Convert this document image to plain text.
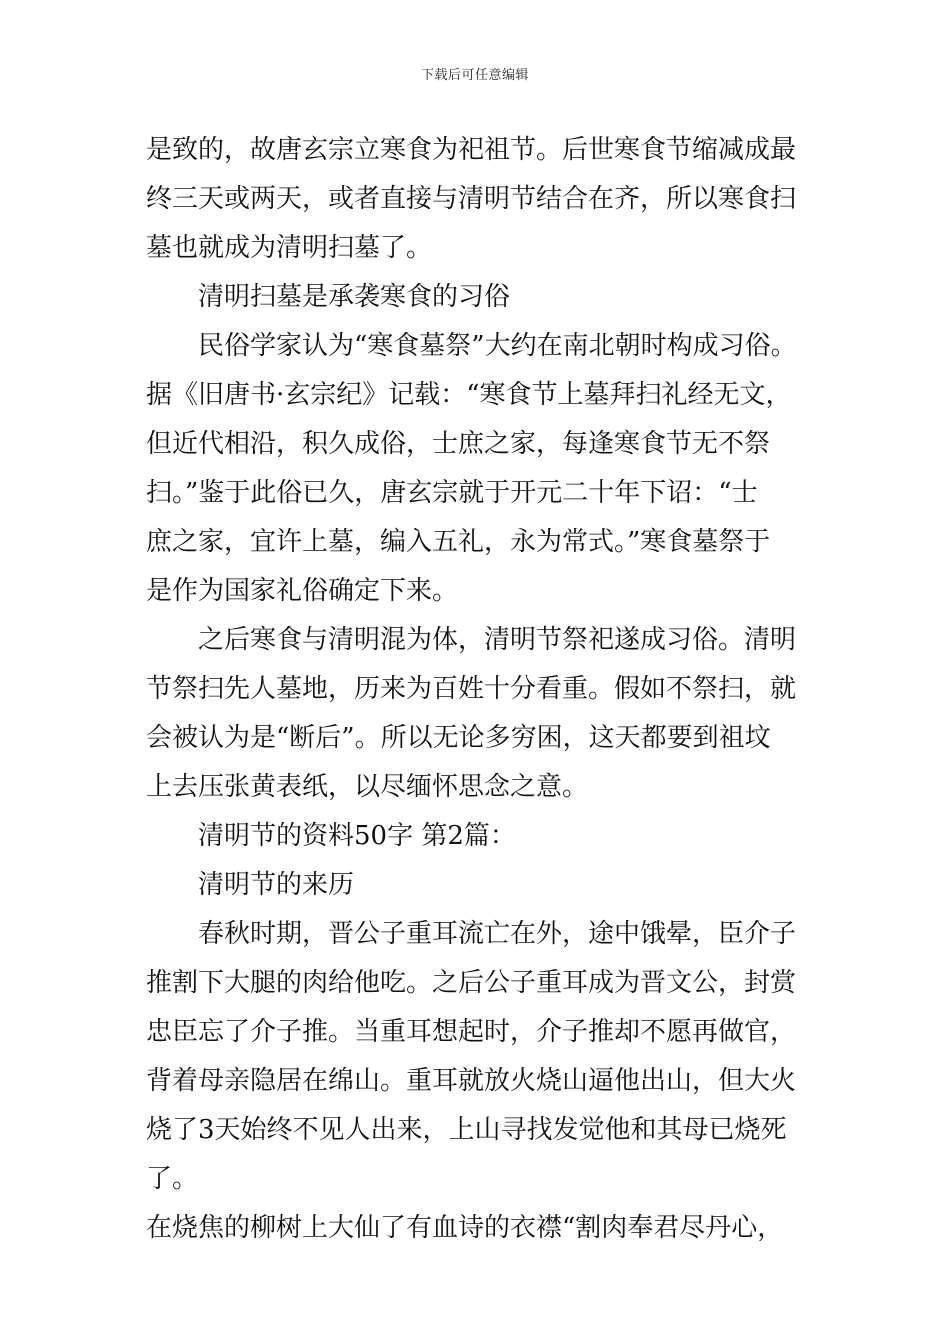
下载后可任意编辑

是致的，故唐玄宗立寒食为祀祖节。后世寒食节缩减成最

终三天或两天，或者直接与清明节结合在齐，所以寒食扫

墓也就成为清明扫墓了。

清明扫墓是承袭寒食的习俗

民俗学家认为“寒食墓祭”大约在南北朝时构成习俗。

据《旧唐书·玄宗纪》记载：“寒食节上墓拜扫礼经无文，

但近代相沿，积久成俗，士庶之家，每逢寒食节无不祭

扫。”鉴于此俗已久，唐玄宗就于开元二十年下诏：“士

庶之家，宜许上墓，编入五礼，永为常式。”寒食墓祭于

是作为国家礼俗确定下来。

之后寒食与清明混为体，清明节祭祀遂成习俗。清明

节祭扫先人墓地，历来为百姓十分看重。假如不祭扫，就

会被认为是“断后”。所以无论多穷困，这天都要到祖坟

上去压张黄表纸，以尽缅怀思念之意。

清明节的资料50字 第2篇：

清明节的来历

春秋时期，晋公子重耳流亡在外，途中饿晕，臣介子

推割下大腿的肉给他吃。之后公子重耳成为晋文公，封赏

忠臣忘了介子推。当重耳想起时，介子推却不愿再做官，

背着母亲隐居在绵山。重耳就放火烧山逼他出山，但大火

烧了3天始终不见人出来，上山寻找发觉他和其母已烧死了。

在烧焦的柳树上大仙了有血诗的衣襟“割肉奉君尽丹心，
